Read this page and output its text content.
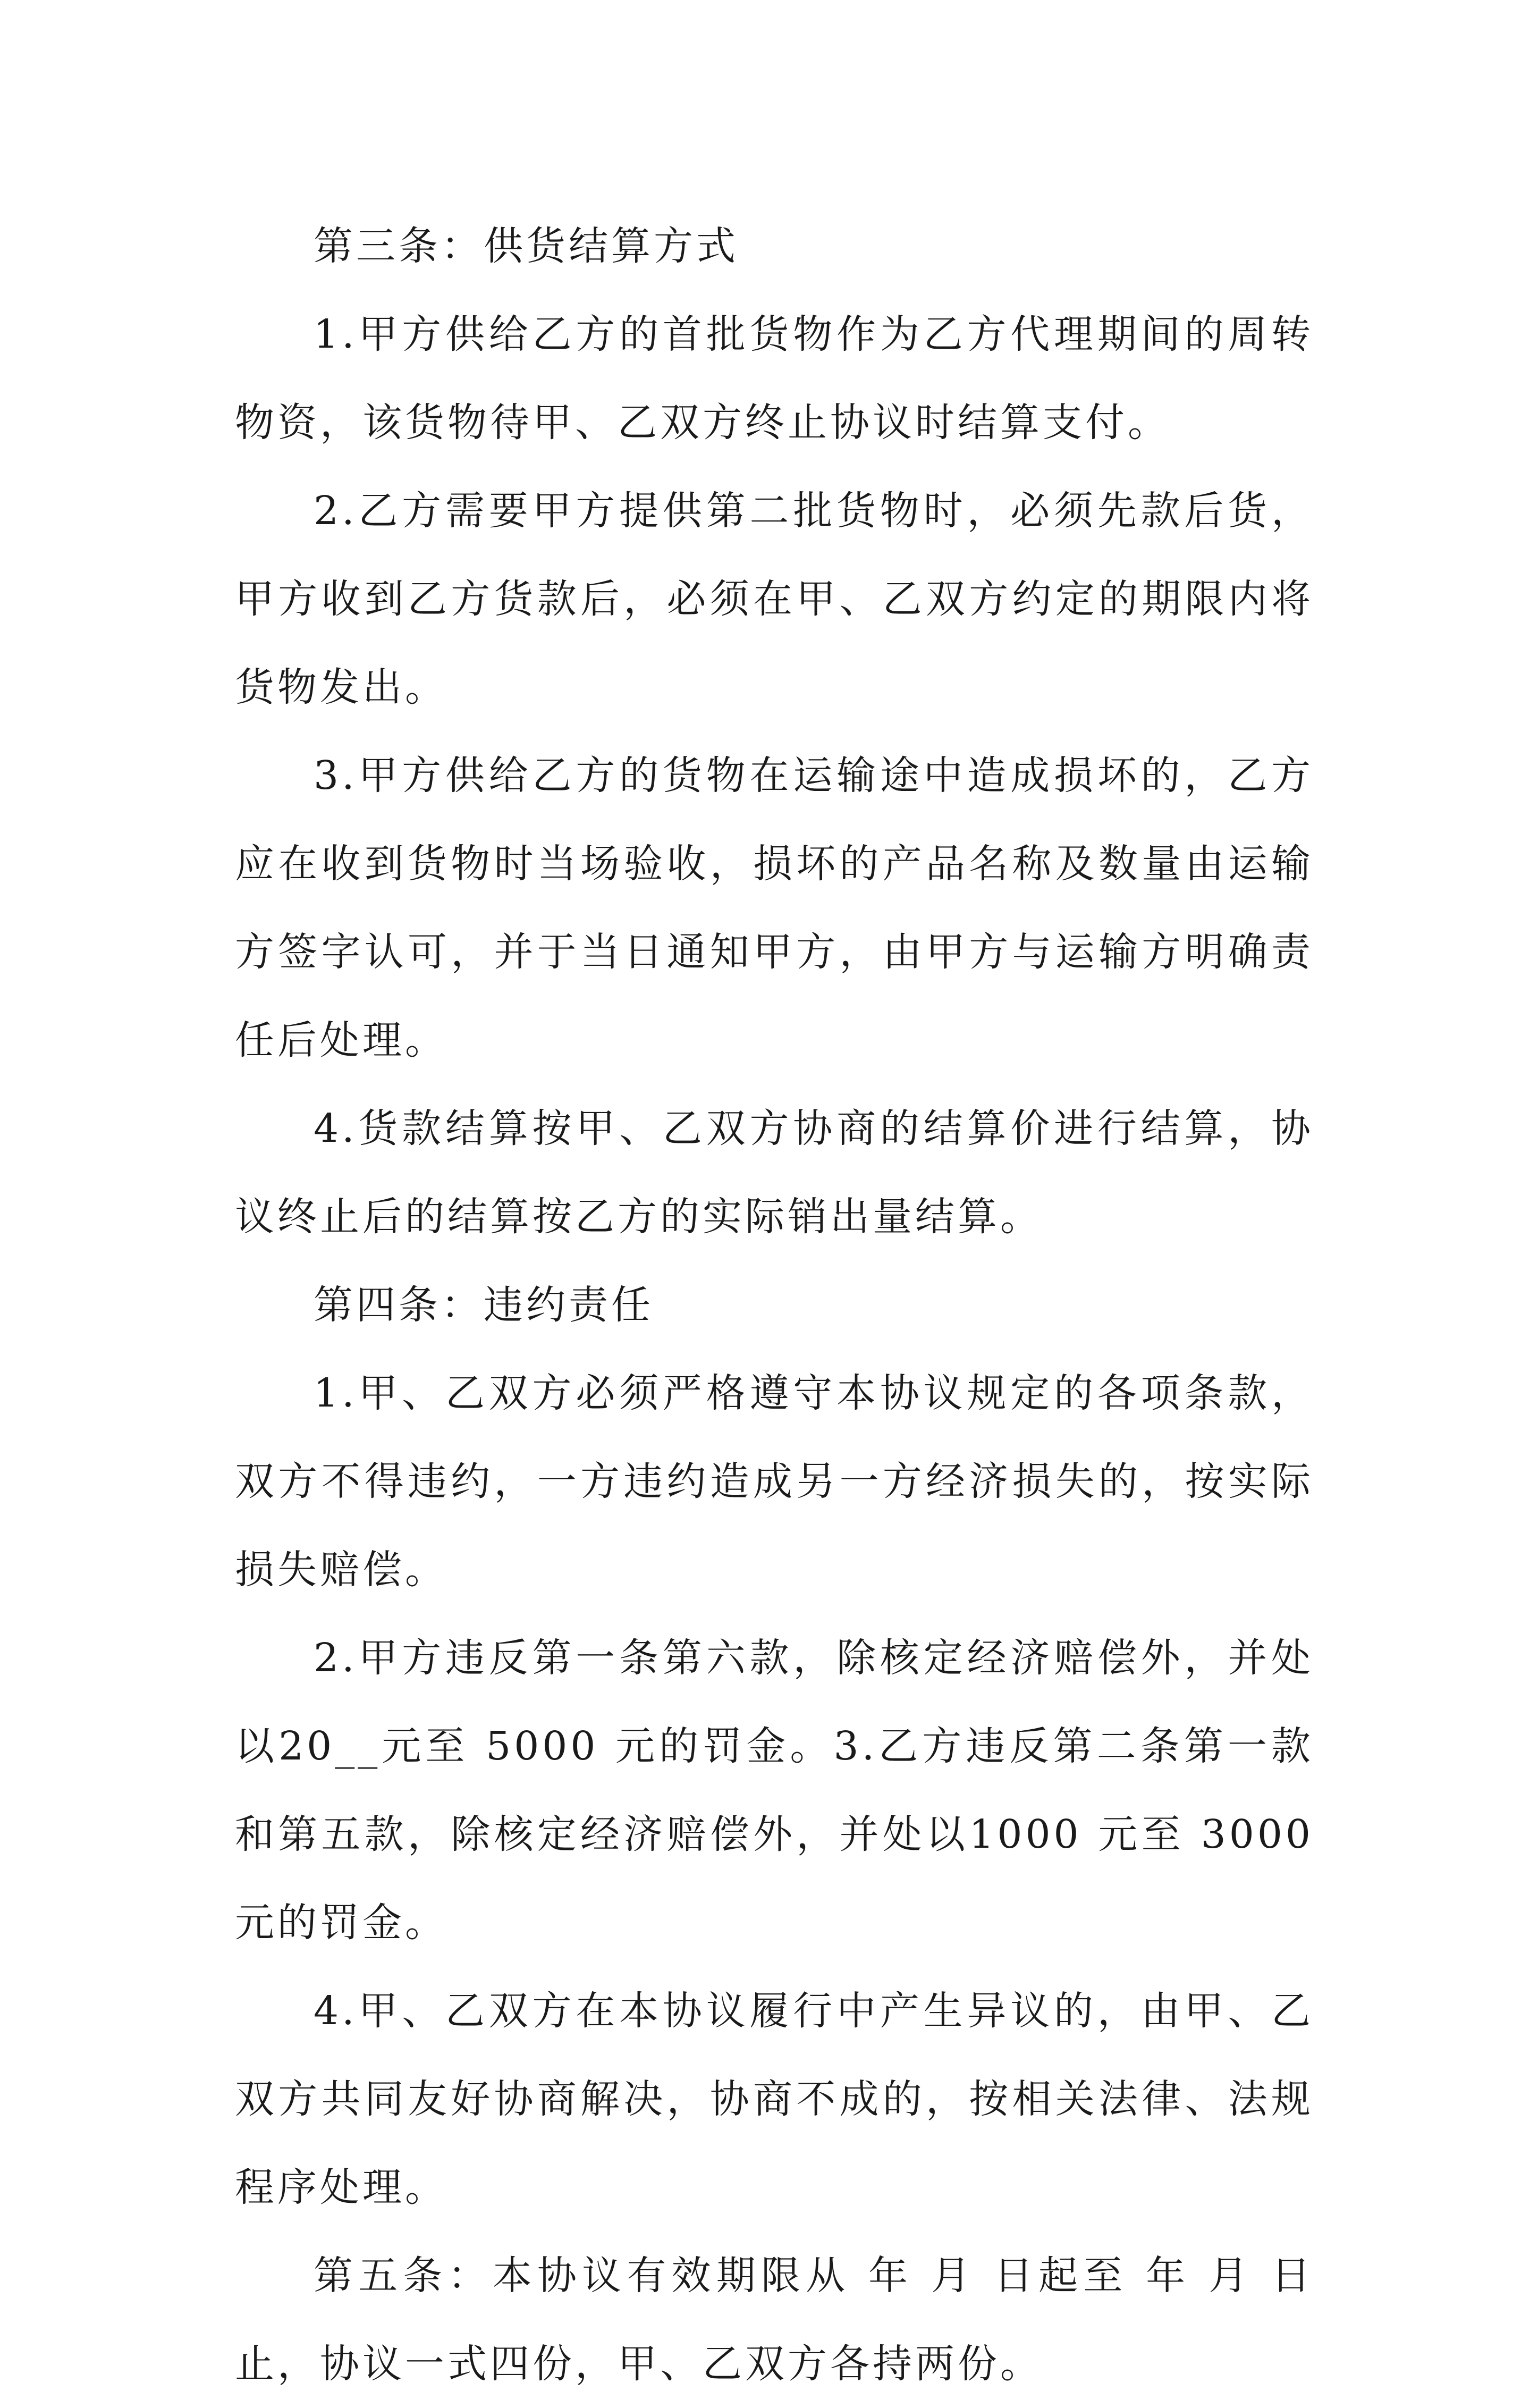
第三条：供货结算方式

1.甲方供给乙方的首批货物作为乙方代理期间的周转物资，该货物待甲、乙双方终止协议时结算支付。

2.乙方需要甲方提供第二批货物时，必须先款后货，甲方收到乙方货款后，必须在甲、乙双方约定的期限内将货物发出。

3.甲方供给乙方的货物在运输途中造成损坏的，乙方应在收到货物时当场验收，损坏的产品名称及数量由运输方签字认可，并于当日通知甲方，由甲方与运输方明确责任后处理。

4.货款结算按甲、乙双方协商的结算价进行结算，协议终止后的结算按乙方的实际销出量结算。

第四条：违约责任

1.甲、乙双方必须严格遵守本协议规定的各项条款，双方不得违约，一方违约造成另一方经济损失的，按实际损失赔偿。

2.甲方违反第一条第六款，除核定经济赔偿外，并处以20__元至 5000 元的罚金。3.乙方违反第二条第一款和第五款，除核定经济赔偿外，并处以1000 元至 3000 元的罚金。

4.甲、乙双方在本协议履行中产生异议的，由甲、乙双方共同友好协商解决，协商不成的，按相关法律、法规程序处理。

第五条：本协议有效期限从 年 月 日起至 年 月 日止，协议一式四份，甲、乙双方各持两份。
